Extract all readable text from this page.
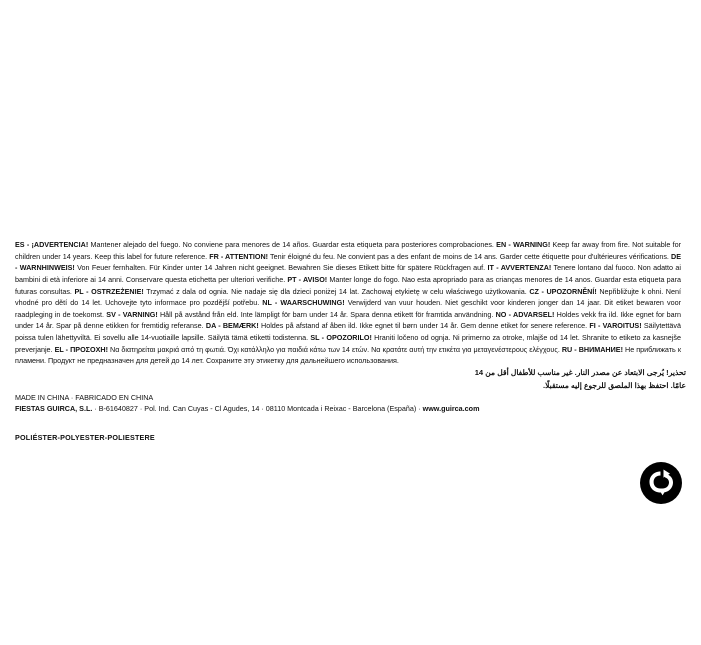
ES - ¡ADVERTENCIA! Mantener alejado del fuego. No conviene para menores de 14 años. Guardar esta etiqueta para posteriores comprobaciones. EN - WARNING! Keep far away from fire. Not suitable for children under 14 years. Keep this label for future reference. FR - ATTENTION! Tenir éloigné du feu. Ne convient pas a des enfant de moins de 14 ans. Garder cette étiquette pour d'ultérieures vérifications. DE - WARNHINWEIS! Von Feuer fernhalten. Für Kinder unter 14 Jahren nicht geeignet. Bewahren Sie dieses Etikett bitte für spätere Rückfragen auf. IT - AVVERTENZA! Tenere lontano dal fuoco. Non adatto ai bambini di età inferiore ai 14 anni. Conservare questa etichetta per ulteriori verifiche. PT - AVISO! Manter longe do fogo. Nao esta apropriado para as crianças menores de 14 anos. Guardar esta etiqueta para futuras consultas. PL - OSTRZEŻENIE! Trzymać z dala od ognia. Nie nadaje się dla dzieci poniżej 14 lat. Zachowaj etykietę w celu właściwego użytkowania. CZ - UPOZORNĚNÍ! Nepřibližujte k ohni. Není vhodné pro dětí do 14 let. Uchovejte tyto informace pro pozdější potřebu. NL - WAARSCHUWING! Verwijderd van vuur houden. Niet geschikt voor kinderen jonger dan 14 jaar. Dit etiket bewaren voor raadpleging in de toekomst. SV - VARNING! Håll på avstånd från eld. Inte lämpligt för barn under 14 år. Spara denna etikett för framtida användning. NO - ADVARSEL! Holdes vekk fra ild. Ikke egnet for barn under 14 år. Spar på denne etikken for fremtidig referanse. DA - BEMÆRK! Holdes på afstand af åben ild. Ikke egnet til børn under 14 år. Gem denne etiket for senere reference. FI - VAROITUS! Säilytettävä poissa tulen lähettyviltä. Ei sovellu alle 14-vuotiaille lapsille. Säilytä tämä etiketti todistenna. SL - OPOZORILO! Hraniti ločeno od ognja. Ni primerno za otroke, mlajše od 14 let. Shranite to etiketo za kasnejše preverjanje. EL - ΠΡΟΣΟΧΗ! Να διατηρείται μακριά από τη φωτιά. Όχι κατάλληλο για παιδιά κάτω των 14 ετών. Να κρατάτε αυτή την ετικέτα για μεταγενέστερους ελέγχους. RU - ВНИМАНИЕ! Не приближать к пламени. Продукт не предназначен для детей до 14 лет. Сохраните эту этикетку для дальнейшего использования.

تحذير! يُرجى الابتعاد عن مصدر النار. غير مناسب للأطفال أقل من 14 عامًا. احتفظ بهذا الملصق للرجوع إليه مستقبلًا.

MADE IN CHINA · FABRICADO EN CHINA

FIESTAS GUIRCA, S.L. · B-61640827 · Pol. Ind. Can Cuyas - Cl Agudes, 14 · 08110 Montcada i Reixac - Barcelona (España) · www.guirca.com

POLIÉSTER-POLYESTER-POLIESTERE
